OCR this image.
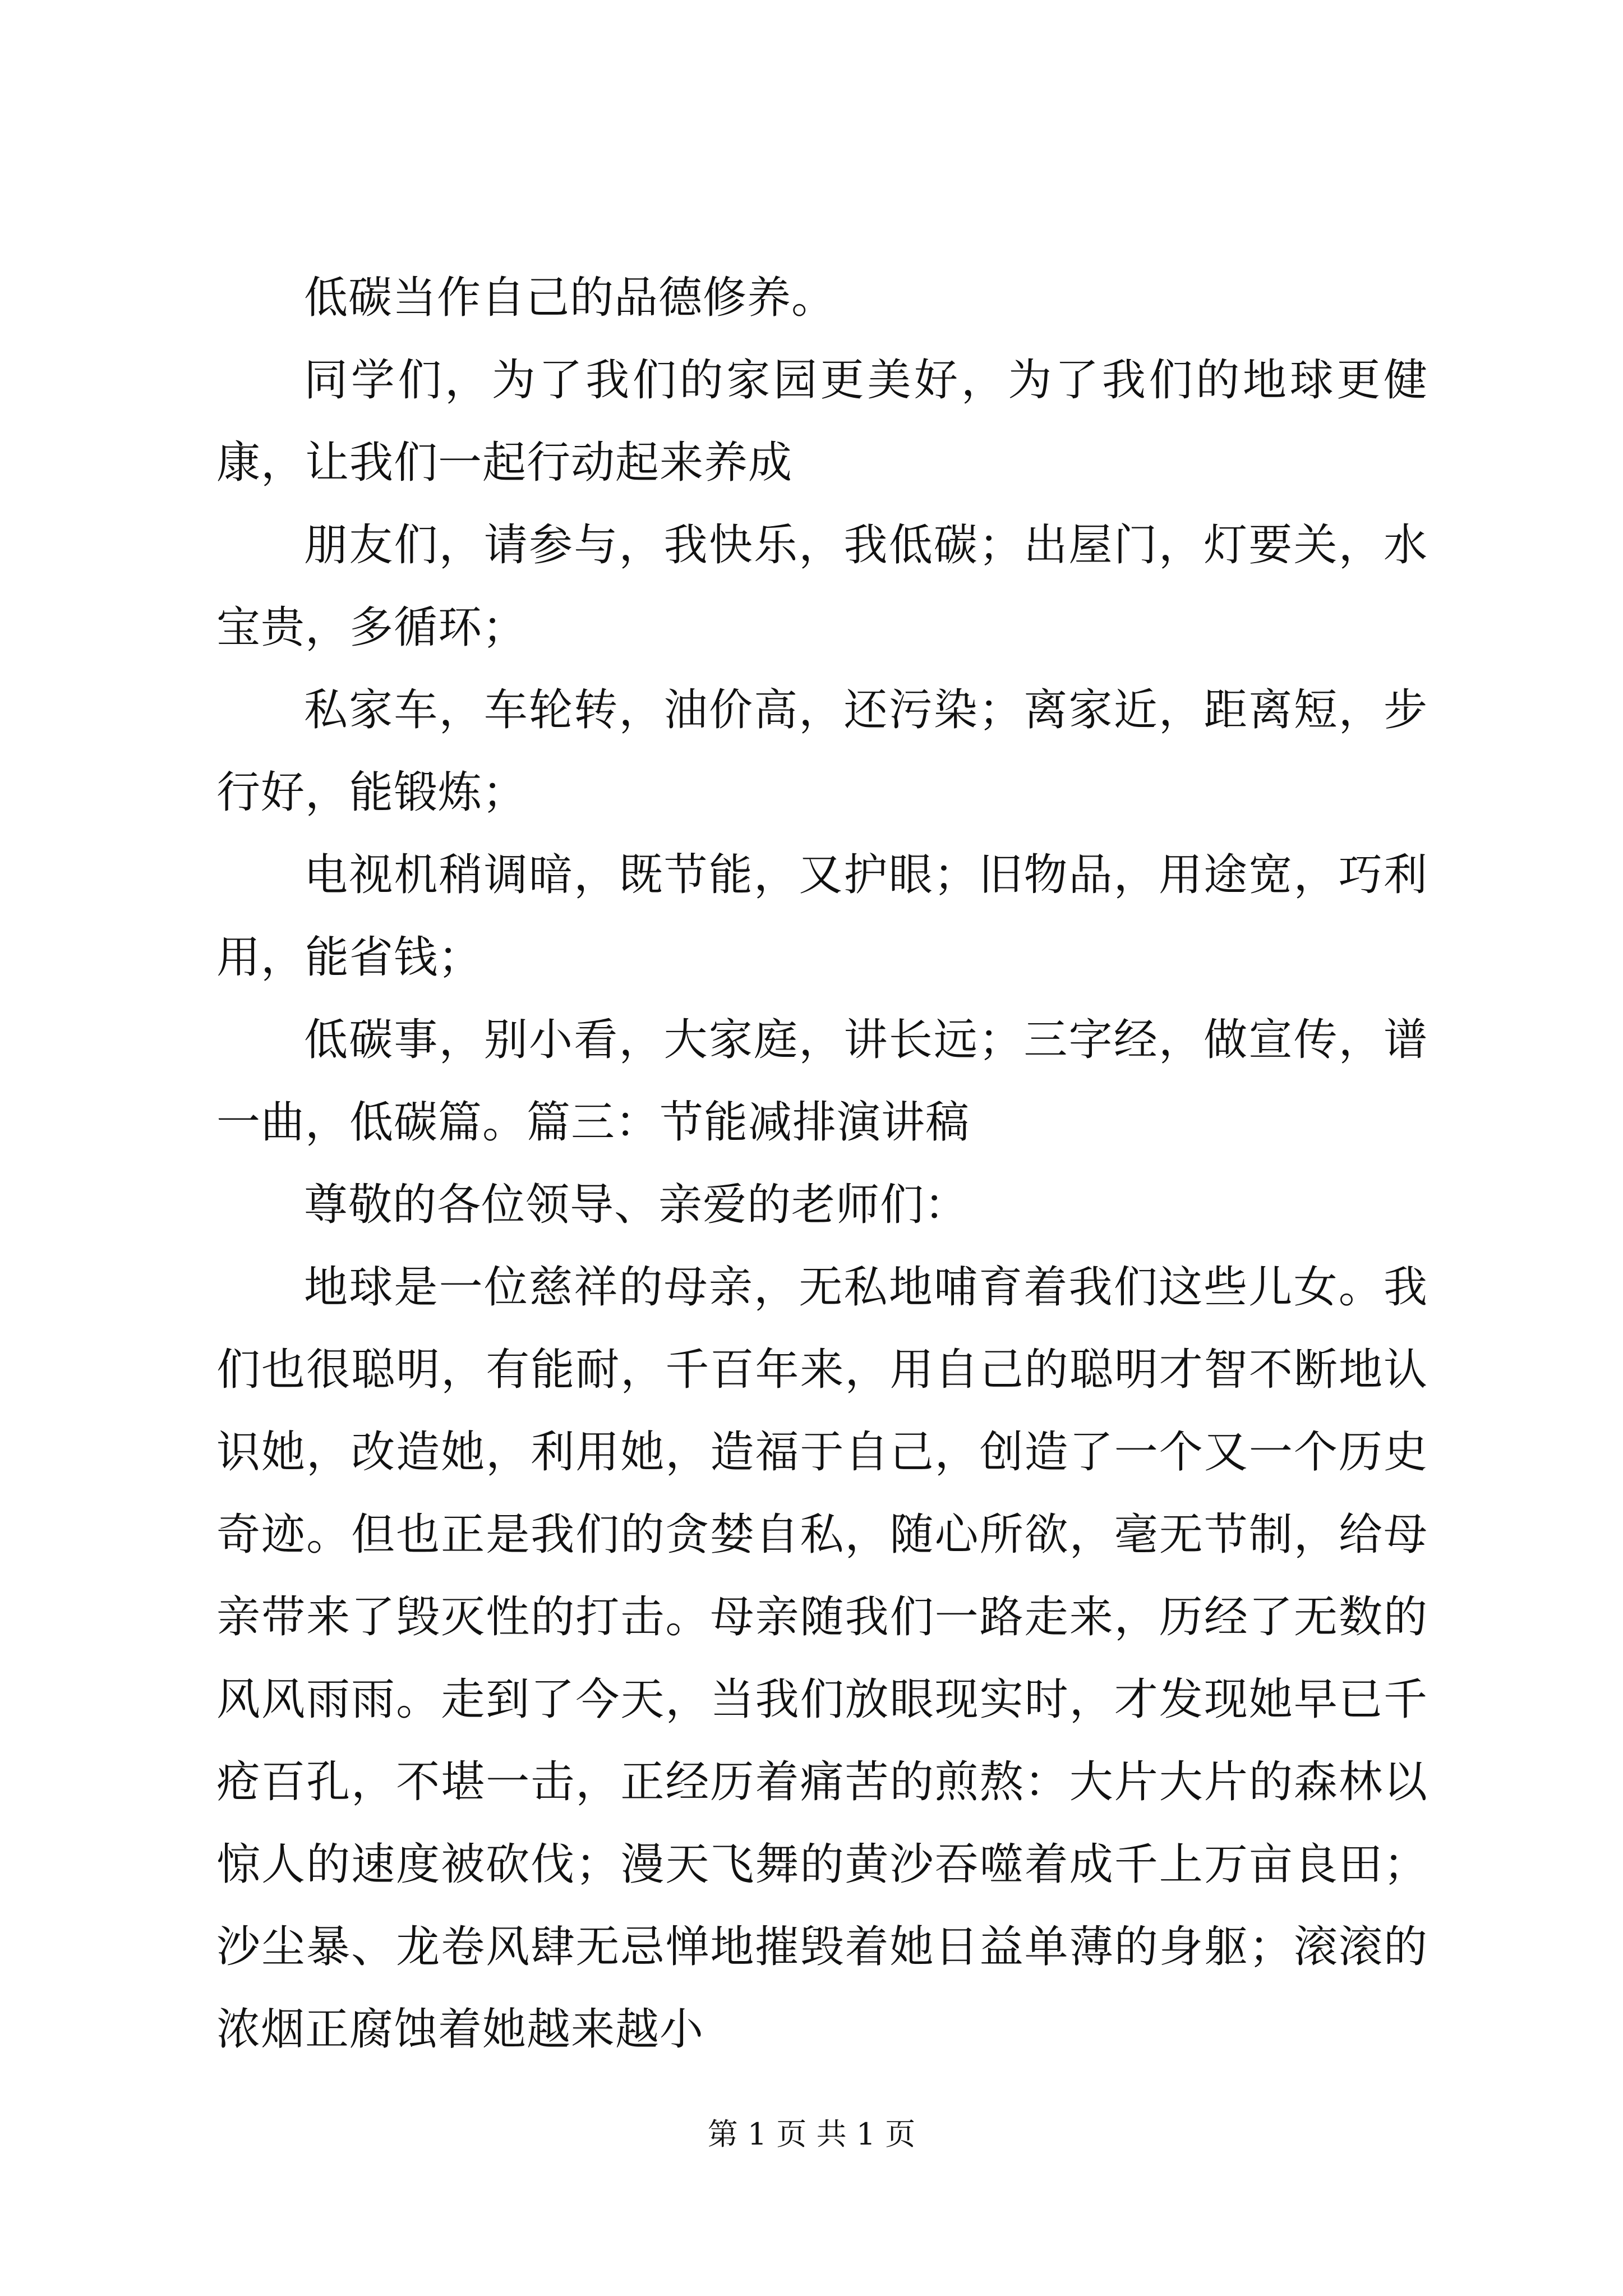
低碳当作自己的品德修养。

同学们，为了我们的家园更美好，为了我们的地球更健康，让我们一起行动起来养成

朋友们，请参与，我快乐，我低碳；出屋门，灯要关，水宝贵，多循环；

私家车，车轮转，油价高，还污染；离家近，距离短，步行好，能锻炼；

电视机稍调暗，既节能，又护眼；旧物品，用途宽，巧利用，能省钱；

低碳事，别小看，大家庭，讲长远；三字经，做宣传，谱一曲，低碳篇。篇三：节能减排演讲稿

尊敬的各位领导、亲爱的老师们：

地球是一位慈祥的母亲，无私地哺育着我们这些儿女。我们也很聪明，有能耐，千百年来，用自己的聪明才智不断地认识她，改造她，利用她，造福于自己，创造了一个又一个历史奇迹。但也正是我们的贪婪自私，随心所欲，毫无节制，给母亲带来了毁灭性的打击。母亲随我们一路走来，历经了无数的风风雨雨。走到了今天，当我们放眼现实时，才发现她早已千疮百孔，不堪一击，正经历着痛苦的煎熬：大片大片的森林以惊人的速度被砍伐；漫天飞舞的黄沙吞噬着成千上万亩良田；沙尘暴、龙卷风肆无忌惮地摧毁着她日益单薄的身躯；滚滚的浓烟正腐蚀着她越来越小

第 1 页 共 1 页
